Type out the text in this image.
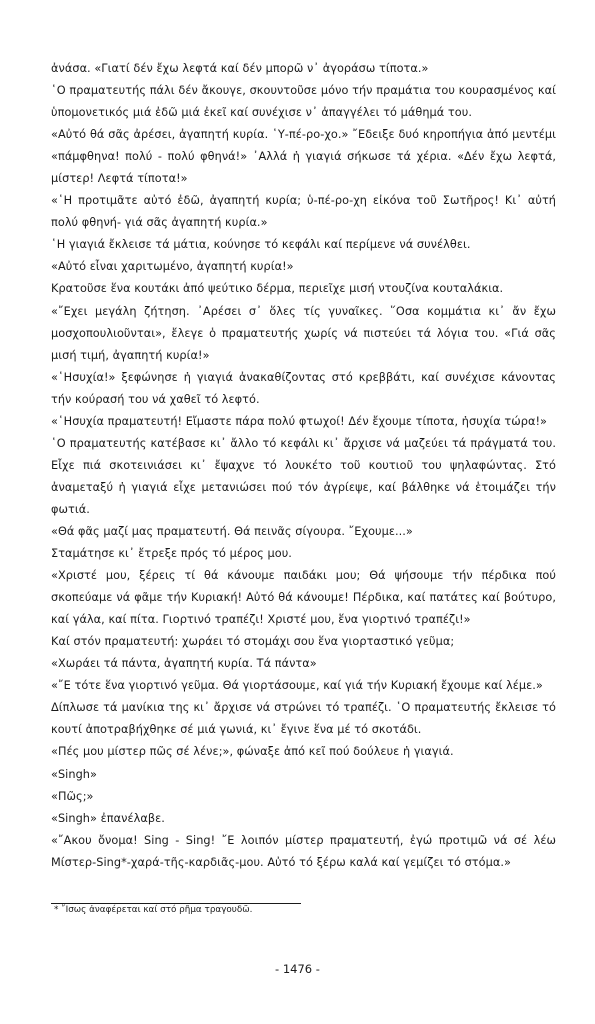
ἀνάσα. «Γιατί δέν ἔχω λεφτά καί δέν μπορῶ ν᾽ ἀγοράσω τίποτα.»

῾Ο πραματευτής πάλι δέν ἄκουγε, σκουντοῦσε μόνο τήν πραμάτια του κουρασμένος καί ὑπομονετικός μιά ἐδῶ μιά ἐκεῖ καί συνέχισε ν᾽ ἀπαγγέλει τό μάθημά του.

«Αὐτό θά σᾶς ἀρέσει, ἀγαπητή κυρία. ῾Υ-πέ-ρο-χο.» ῎Εδειξε δυό κηροπήγια ἀπό μεντέμι «πάμφθηνα! πολύ - πολύ φθηνά!» ᾽Αλλά ἡ γιαγιά σήκωσε τά χέρια. «Δέν ἔχω λεφτά, μίστερ! Λεφτά τίποτα!»

«῾Η προτιμᾶτε αὐτό ἐδῶ, ἀγαπητή κυρία; ὑ-πέ-ρο-χη εἰκόνα τοῦ Σωτῆρος! Κι᾽ αὐτή πολύ φθηνή- γιά σᾶς ἀγαπητή κυρία.»

῾Η γιαγιά ἔκλεισε τά μάτια, κούνησε τό κεφάλι καί περίμενε νά συνέλθει.

«Αὐτό εἶναι χαριτωμένο, ἀγαπητή κυρία!»

Κρατοῦσε ἕνα κουτάκι ἀπό ψεύτικο δέρμα, περιεῖχε μισή ντουζίνα κουταλάκια.

«῎Εχει μεγάλη ζήτηση. ᾽Αρέσει σ᾽ ὅλες τίς γυναῖκες. ῞Οσα κομμάτια κι᾽ ἄν ἔχω μοσχοπουλιοῦνται», ἔλεγε ὁ πραματευτής χωρίς νά πιστεύει τά λόγια του. «Γιά σᾶς μισή τιμή, ἀγαπητή κυρία!»

«῾Ησυχία!» ξεφώνησε ἡ γιαγιά ἀνακαθίζοντας στό κρεββάτι, καί συνέχισε κάνοντας τήν κούρασή του νά χαθεῖ τό λεφτό.

«῾Ησυχία πραματευτή! Εἴμαστε πάρα πολύ φτωχοί! Δέν ἔχουμε τίποτα, ἡσυχία τώρα!»

῾Ο πραματευτής κατέβασε κι᾽ ἄλλο τό κεφάλι κι᾽ ἄρχισε νά μαζεύει τά πράγματά του. Εἶχε πιά σκοτεινιάσει κι᾽ ἔψαχνε τό λουκέτο τοῦ κουτιοῦ του ψηλαφώντας. Στό ἀναμεταξύ ἡ γιαγιά εἶχε μετανιώσει πού τόν ἀγρίεψε, καί βάλθηκε νά ἑτοιμάζει τήν φωτιά.

«Θά φᾶς μαζί μας πραματευτή. Θά πεινᾶς σίγουρα. ῎Εχουμε...»

Σταμάτησε κι᾽ ἔτρεξε πρός τό μέρος μου.

«Χριστέ μου, ξέρεις τί θά κάνουμε παιδάκι μου; Θά ψήσουμε τήν πέρδικα πού σκοπεύαμε νά φᾶμε τήν Κυριακή! Αὐτό θά κάνουμε! Πέρδικα, καί πατάτες καί βούτυρο, καί γάλα, καί πίτα. Γιορτινό τραπέζι! Χριστέ μου, ἕνα γιορτινό τραπέζι!»

Καί στόν πραματευτή: χωράει τό στομάχι σου ἕνα γιορταστικό γεῦμα;

«Χωράει τά πάντα, ἀγαπητή κυρία. Τά πάντα»

«῎Ε τότε ἕνα γιορτινό γεῦμα. Θά γιορτάσουμε, καί γιά τήν Κυριακή ἔχουμε καί λέμε.»

Δίπλωσε τά μανίκια της κι᾽ ἄρχισε νά στρώνει τό τραπέζι. ῾Ο πραματευτής ἔκλεισε τό κουτί ἀποτραβήχθηκε σέ μιά γωνιά, κι᾽ ἔγινε ἕνα μέ τό σκοτάδι.

«Πές μου μίστερ πῶς σέ λένε;», φώναξε ἀπό κεῖ πού δούλευε ἡ γιαγιά.

«Singh»

«Πῶς;»

«Singh» ἐπανέλαβε.

«῎Ακου ὄνομα! Sing - Sing! ῎Ε λοιπόν μίστερ πραματευτή, ἐγώ προτιμῶ νά σέ λέω Μίστερ-Sing*-χαρά-τῆς-καρδιᾶς-μου. Αὐτό τό ξέρω καλά καί γεμίζει τό στόμα.»

* ῎Ισως ἀναφέρεται καί στό ρῆμα τραγουδῶ.
- 1476 -
